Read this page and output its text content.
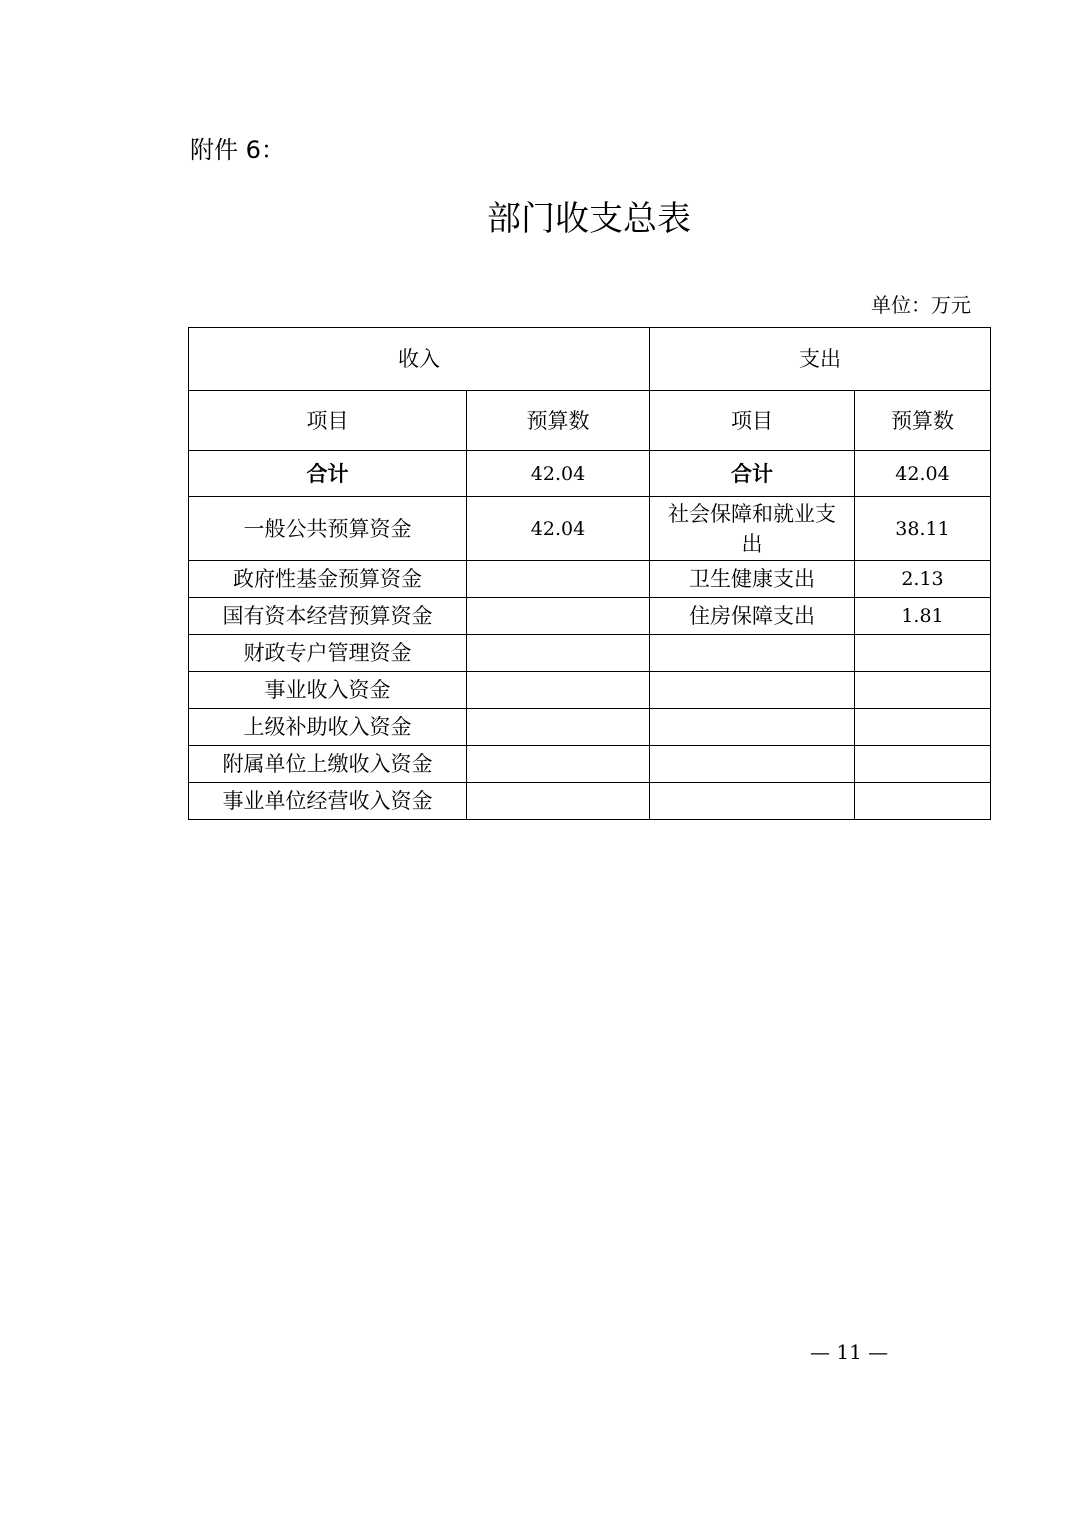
附件 6：
部门收支总表
单位：万元
收入		支出	
项目	预算数	项目	预算数
合计	42.04	合计	42.04
一般公共预算资金	42.04	社会保障和就业支出	38.11
政府性基金预算资金		卫生健康支出	2.13
国有资本经营预算资金		住房保障支出	1.81
财政专户管理资金			
事业收入资金			
上级补助收入资金			
附属单位上缴收入资金			
事业单位经营收入资金			
— 11 —
